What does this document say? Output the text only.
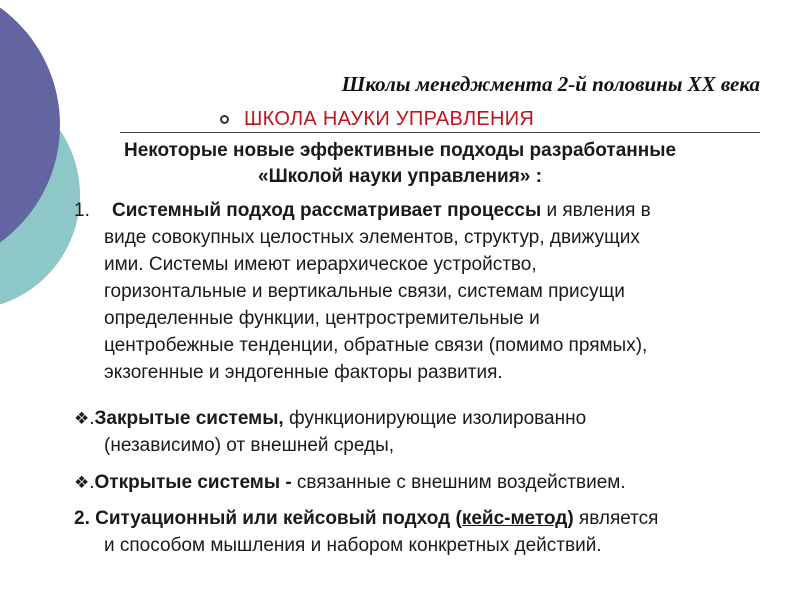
Школы менеджмента 2-й половины XX века
ШКОЛА НАУКИ УПРАВЛЕНИЯ
Некоторые новые эффективные подходы разработанные
«Школой науки управления» :
1.	Системный подход рассматривает процессы и явления в
виде совокупных целостных элементов, структур, движущих
ими. Системы имеют иерархическое устройство,
горизонтальные и вертикальные связи, системам присущи
определенные функции, центростремительные и
центробежные тенденции, обратные связи (помимо прямых),
экзогенные и эндогенные факторы развития.
❖.Закрытые системы, функционирующие изолированно
(независимо) от внешней среды,
❖.Открытые системы - связанные с внешним воздействием.
2. Ситуационный или кейсовый подход (кейс-метод) является
и способом мышления и набором конкретных действий.
